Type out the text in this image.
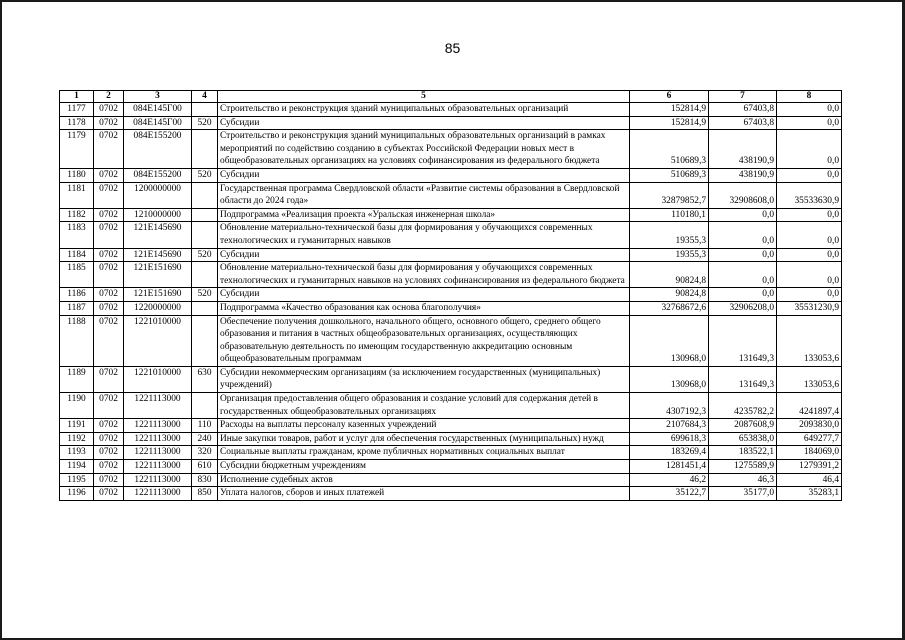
85
1	2	3	4	5	6	7	8
1177	0702	084E145Г00		Строительство и реконструкция зданий муниципальных образовательных организаций	152814,9	67403,8	0,0
1178	0702	084E145Г00	520	Субсидии	152814,9	67403,8	0,0
1179	0702	084E155200		Строительство и реконструкция зданий муниципальных образовательных организаций в рамках мероприятий по содействию созданию в субъектах Российской Федерации новых мест в общеобразовательных организациях на условиях софинансирования из федерального бюджета	510689,3	438190,9	0,0
1180	0702	084E155200	520	Субсидии	510689,3	438190,9	0,0
1181	0702	1200000000		Государственная программа Свердловской области «Развитие системы образования в Свердловской области до 2024 года»	32879852,7	32908608,0	35533630,9
1182	0702	1210000000		Подпрограмма «Реализация проекта «Уральская инженерная школа»	110180,1	0,0	0,0
1183	0702	121E145690		Обновление материально-технической базы для формирования у обучающихся современных технологических и гуманитарных навыков	19355,3	0,0	0,0
1184	0702	121E145690	520	Субсидии	19355,3	0,0	0,0
1185	0702	121E151690		Обновление материально-технической базы для формирования у обучающихся современных технологических и гуманитарных навыков на условиях софинансирования из федерального бюджета	90824,8	0,0	0,0
1186	0702	121E151690	520	Субсидии	90824,8	0,0	0,0
1187	0702	1220000000		Подпрограмма «Качество образования как основа благополучия»	32768672,6	32906208,0	35531230,9
1188	0702	1221010000		Обеспечение получения дошкольного, начального общего, основного общего, среднего общего образования и питания в частных общеобразовательных организациях, осуществляющих образовательную деятельность по имеющим государственную аккредитацию основным общеобразовательным программам	130968,0	131649,3	133053,6
1189	0702	1221010000	630	Субсидии некоммерческим организациям (за исключением государственных (муниципальных) учреждений)	130968,0	131649,3	133053,6
1190	0702	1221113000		Организация предоставления общего образования и создание условий для содержания детей в государственных общеобразовательных организациях	4307192,3	4235782,2	4241897,4
1191	0702	1221113000	110	Расходы на выплаты персоналу казенных учреждений	2107684,3	2087608,9	2093830,0
1192	0702	1221113000	240	Иные закупки товаров, работ и услуг для обеспечения государственных (муниципальных) нужд	699618,3	653838,0	649277,7
1193	0702	1221113000	320	Социальные выплаты гражданам, кроме публичных нормативных социальных выплат	183269,4	183522,1	184069,0
1194	0702	1221113000	610	Субсидии бюджетным учреждениям	1281451,4	1275589,9	1279391,2
1195	0702	1221113000	830	Исполнение судебных актов	46,2	46,3	46,4
1196	0702	1221113000	850	Уплата налогов, сборов и иных платежей	35122,7	35177,0	35283,1
